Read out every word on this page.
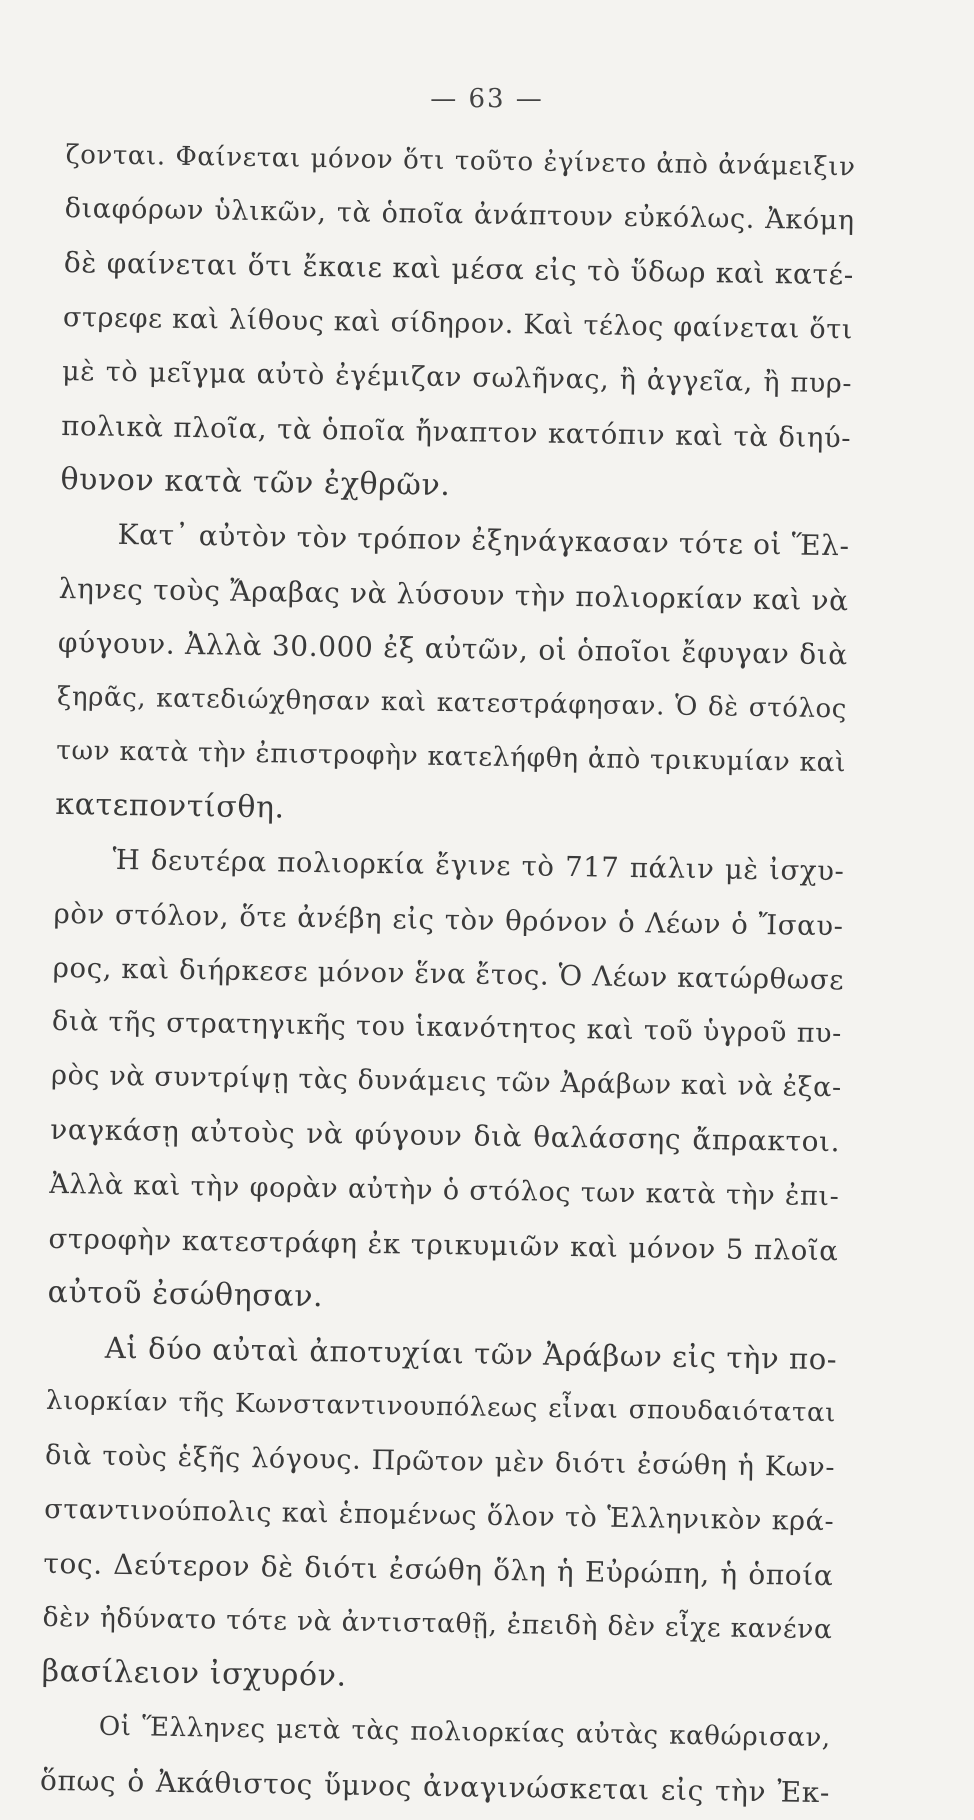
— 63 —
ζονται. Φαίνεται μόνον ὅτι τοῦτο ἐγίνετο ἀπὸ ἀνάμειξιν
διαφόρων ὑλικῶν, τὰ ὁποῖα ἀνάπτουν εὐκόλως. Ἀκόμη
δὲ φαίνεται ὅτι ἔκαιε καὶ μέσα εἰς τὸ ὕδωρ καὶ κατέ-
στρεφε καὶ λίθους καὶ σίδηρον. Καὶ τέλος φαίνεται ὅτι
μὲ τὸ μεῖγμα αὐτὸ ἐγέμιζαν σωλῆνας, ἢ ἀγγεῖα, ἢ πυρ-
πολικὰ πλοῖα, τὰ ὁποῖα ἤναπτον κατόπιν καὶ τὰ διηύ-
θυνον κατὰ τῶν ἐχθρῶν.
Κατ᾽ αὐτὸν τὸν τρόπον ἐξηνάγκασαν τότε οἱ Ἕλ-
ληνες τοὺς Ἄραβας νὰ λύσουν τὴν πολιορκίαν καὶ νὰ
φύγουν. Ἀλλὰ 30.000 ἐξ αὐτῶν, οἱ ὁποῖοι ἔφυγαν διὰ
ξηρᾶς, κατεδιώχθησαν καὶ κατεστράφησαν. Ὁ δὲ στόλος
των κατὰ τὴν ἐπιστροφὴν κατελήφθη ἀπὸ τρικυμίαν καὶ
κατεποντίσθη.
Ἡ δευτέρα πολιορκία ἔγινε τὸ 717 πάλιν μὲ ἰσχυ-
ρὸν στόλον, ὅτε ἀνέβη εἰς τὸν θρόνον ὁ Λέων ὁ Ἴσαυ-
ρος, καὶ διήρκεσε μόνον ἕνα ἔτος. Ὁ Λέων κατώρθωσε
διὰ τῆς στρατηγικῆς του ἱκανότητος καὶ τοῦ ὑγροῦ πυ-
ρὸς νὰ συντρίψῃ τὰς δυνάμεις τῶν Ἀράβων καὶ νὰ ἐξα-
ναγκάσῃ αὐτοὺς νὰ φύγουν διὰ θαλάσσης ἄπρακτοι.
Ἀλλὰ καὶ τὴν φορὰν αὐτὴν ὁ στόλος των κατὰ τὴν ἐπι-
στροφὴν κατεστράφη ἐκ τρικυμιῶν καὶ μόνον 5 πλοῖα
αὐτοῦ ἐσώθησαν.
Αἱ δύο αὐταὶ ἀποτυχίαι τῶν Ἀράβων εἰς τὴν πο-
λιορκίαν τῆς Κωνσταντινουπόλεως εἶναι σπουδαιόταται
διὰ τοὺς ἑξῆς λόγους. Πρῶτον μὲν διότι ἐσώθη ἡ Κων-
σταντινούπολις καὶ ἑπομένως ὅλον τὸ Ἑλληνικὸν κρά-
τος. Δεύτερον δὲ διότι ἐσώθη ὅλη ἡ Εὐρώπη, ἡ ὁποία
δὲν ἠδύνατο τότε νὰ ἀντισταθῇ, ἐπειδὴ δὲν εἶχε κανένα
βασίλειον ἰσχυρόν.
Οἱ Ἕλληνες μετὰ τὰς πολιορκίας αὐτὰς καθώρισαν,
ὅπως ὁ Ἀκάθιστος ὕμνος ἀναγινώσκεται εἰς τὴν Ἐκ-
